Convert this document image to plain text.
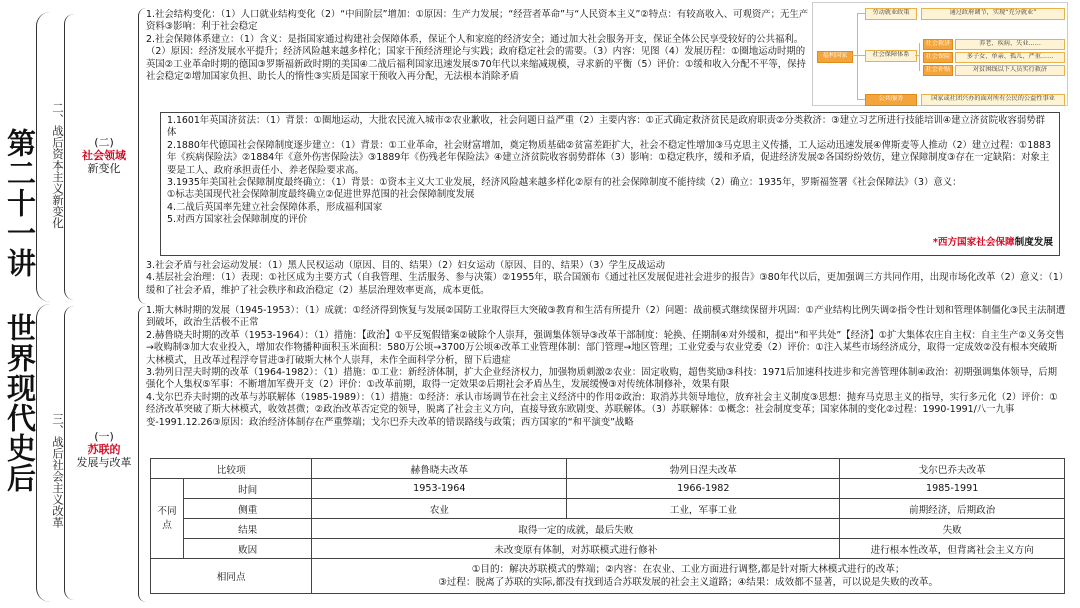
第二十一讲 世界现代史后
二、战后资本主义新变化
三、战后社会主义改革
(二)
社会领域
新变化
(一)
苏联的
发展与改革

1.社会结构变化：（1）人口就业结构变化（2）“中间阶层”增加：①原因：生产力发展；“经营者革命”与“人民资本主义”②特点：有较高收入、可观资产；无生产资料③影响：利于社会稳定

2.社会保障体系建立：（1）含义：是指国家通过构建社会保障体系，保证个人和家庭的经济安全；通过加大社会服务开支，保证全体公民享受较好的公共福利。（2）原因：经济发展水平提升；经济风险越来越多样化；国家干预经济理论与实践；政府稳定社会的需要。（3）内容：见图（4）发展历程：①圈地运动时期的英国②工业革命时期的德国③罗斯福新政时期的美国④二战后福利国家迅速发展⑤70年代以来缩减规模，寻求新的平衡（5）评价：①缓和收入分配不平等，保持社会稳定②增加国家负担、助长人的惰性③实质是国家干预收入再分配，无法根本消除矛盾

福利国家
劳动就业政策	通过政府调节，实现“充分就业”
社会保障体系
社会救济
社会保险
社会补贴
养老、疾病、失业……
多子女、单亲、孤儿、严重……
对贫困线以下人员实行救济
公共服务	国家或社团兴办的面对所有公民的公益性事业

1.1601年英国济贫法：（1）背景：①圈地运动，大批农民流入城市②农业歉收，社会问题日益严重（2）主要内容：①正式确定救济贫民是政府职责②分类救济：③建立习艺所进行技能培训④建立济贫院收容弱势群体

2.1880年代德国社会保障制度逐步建立：（1）背景：①工业革命，社会财富增加，奠定物质基础②贫富差距扩大，社会不稳定性增加③马克思主义传播，工人运动迅速发展④俾斯麦等人推动（2）建立过程：①1883年《疾病保险法》②1884年《意外伤害保险法》③1889年《伤残老年保险法》④建立济贫院收容弱势群体（3）影响：①稳定秩序，缓和矛盾，促进经济发展②各国纷纷效仿，建立保障制度③存在一定缺陷：对象主要是工人、政府承担责任小、养老保险要求高。

3.1935年美国社会保障制度最终确立：（1）背景：①资本主义大工业发展，经济风险越来越多样化②原有的社会保障制度不能持续（2）确立：1935年，罗斯福签署《社会保障法》（3）意义：

①标志美国现代社会保障制度最终确立②促进世界范围的社会保障制度发展

4.二战后英国率先建立社会保障体系，形成福利国家

5.对西方国家社会保障制度的评价

*西方国家社会保障制度发展

3.社会矛盾与社会运动发展：（1）黑人民权运动（原因、目的、结果）（2）妇女运动（原因、目的、结果）（3）学生反战运动

4.基层社会治理：（1）表现：①社区成为主要方式（自我管理、生活服务、参与决策）②1955年，联合国颁布《通过社区发展促进社会进步的报告》③80年代以后，更加强调三方共同作用，出现市场化改革（2）意义：（1）缓和了社会矛盾，维护了社会秩序和政治稳定（2）基层治理效率更高，成本更低。

1.斯大林时期的发展（1945-1953）：（1）成就：①经济得到恢复与发展②国防工业取得巨大突破③教育和生活有所提升（2）问题：战前模式继续保留并巩固：①产业结构比例失调②指令性计划和管理体制僵化③民主法制遭到破坏，政治生活极不正常

2.赫鲁晓夫时期的改革（1953-1964）：（1）措施：【政治】①平反冤假错案②破除个人崇拜，强调集体领导③改革干部制度：轮换、任期制④对外缓和，提出“和平共处”【经济】①扩大集体农庄自主权：自主生产②义务交售→收购制③加大农业投入，增加农作物播种面积玉米面积：580万公顷→3700万公顷④改革工业管理体制：部门管理→地区管理；工业党委与农业党委（2）评价：①注入某些市场经济成分，取得一定成效②没有根本突破斯大林模式，且改革过程浮夸冒进③打破斯大林个人崇拜，未作全面科学分析，留下后遗症

3.勃列日涅夫时期的改革（1964-1982）：（1）措施：①工业：新经济体制，扩大企业经济权力，加强物质刺激②农业：固定收购，超售奖励③科技：1971后加速科技进步和完善管理体制④政治：初期强调集体领导，后期强化个人集权⑤军事：不断增加军费开支（2）评价：①改革前期，取得一定效果②后期社会矛盾丛生，发展缓慢③对传统体制修补，效果有限

4.戈尔巴乔夫时期的改革与苏联解体（1985-1989）：（1）措施：①经济：承认市场调节在社会主义经济中的作用②政治：取消苏共领导地位，放弃社会主义制度③思想：抛弃马克思主义的指导，实行多元化（2）评价：①经济改革突破了斯大林模式，收效甚微；②政治改革否定党的领导，脱离了社会主义方向，直接导致东欧剧变、苏联解体。（3）苏联解体：①概念：社会制度变革；国家体制的变化②过程：1990-1991/八一九事变-1991.12.26③原因：政治经济体制存在严重弊端；戈尔巴乔夫改革的错误路线与政策；西方国家的“和平演变”战略

比较项		赫鲁晓夫改革	勃列日涅夫改革	戈尔巴乔夫改革
不同点	时间	1953-1964	1966-1982	1985-1991
	侧重	农业	工业，军事工业	前期经济，后期政治
	结果	取得一定的成就，最后失败		失败
	败因	未改变原有体制，对苏联模式进行修补		进行根本性改革，但背离社会主义方向
相同点		①目的：解决苏联模式的弊端；②内容：在农业、工业方面进行调整,都是针对斯大林模式进行的改革；
③过程：脱离了苏联的实际,都没有找到适合苏联发展的社会主义道路；④结果：成效都不显著，可以说是失败的改革。		
